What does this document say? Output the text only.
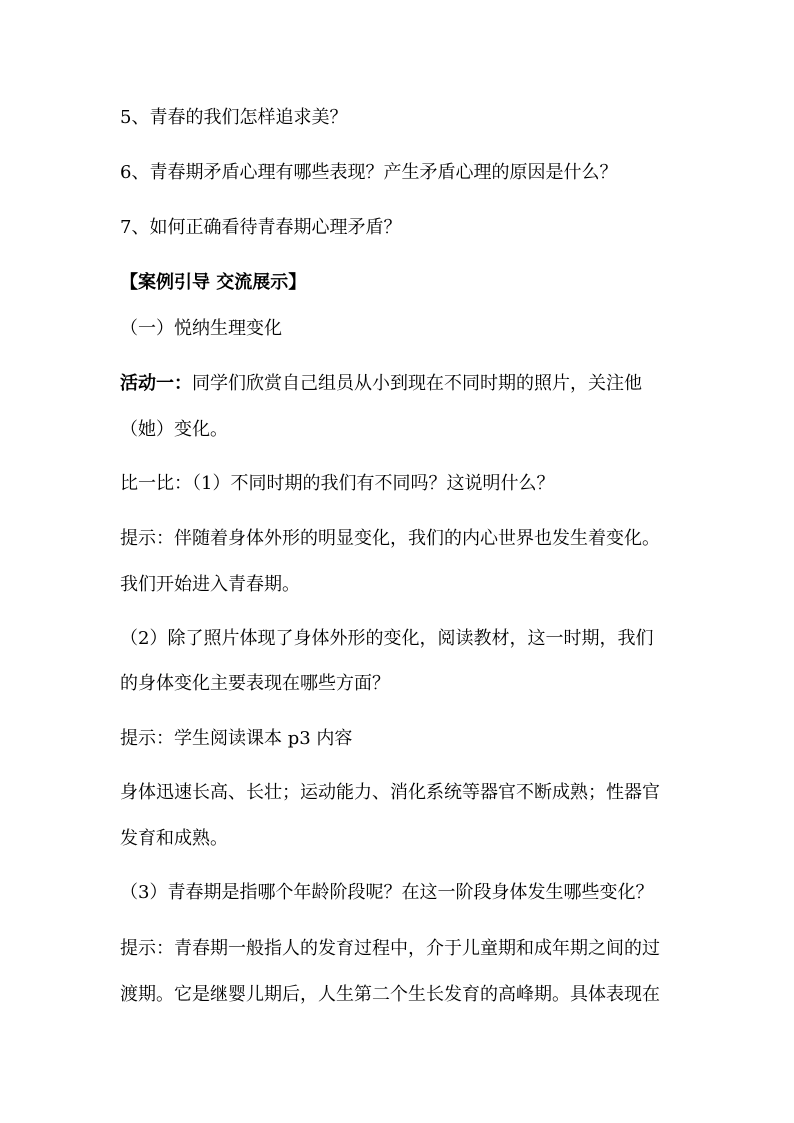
5、青春的我们怎样追求美？
6、青春期矛盾心理有哪些表现？产生矛盾心理的原因是什么？
7、如何正确看待青春期心理矛盾？
【案例引导 交流展示】
（一）悦纳生理变化
活动一：同学们欣赏自己组员从小到现在不同时期的照片，关注他
（她）变化。
比一比：（1）不同时期的我们有不同吗？这说明什么？
提示：伴随着身体外形的明显变化，我们的内心世界也发生着变化。
我们开始进入青春期。
（2）除了照片体现了身体外形的变化，阅读教材，这一时期，我们
的身体变化主要表现在哪些方面？
提示：学生阅读课本 p3 内容
身体迅速长高、长壮；运动能力、消化系统等器官不断成熟；性器官
发育和成熟。
（3）青春期是指哪个年龄阶段呢？在这一阶段身体发生哪些变化？
提示：青春期一般指人的发育过程中，介于儿童期和成年期之间的过
渡期。它是继婴儿期后，人生第二个生长发育的高峰期。具体表现在
